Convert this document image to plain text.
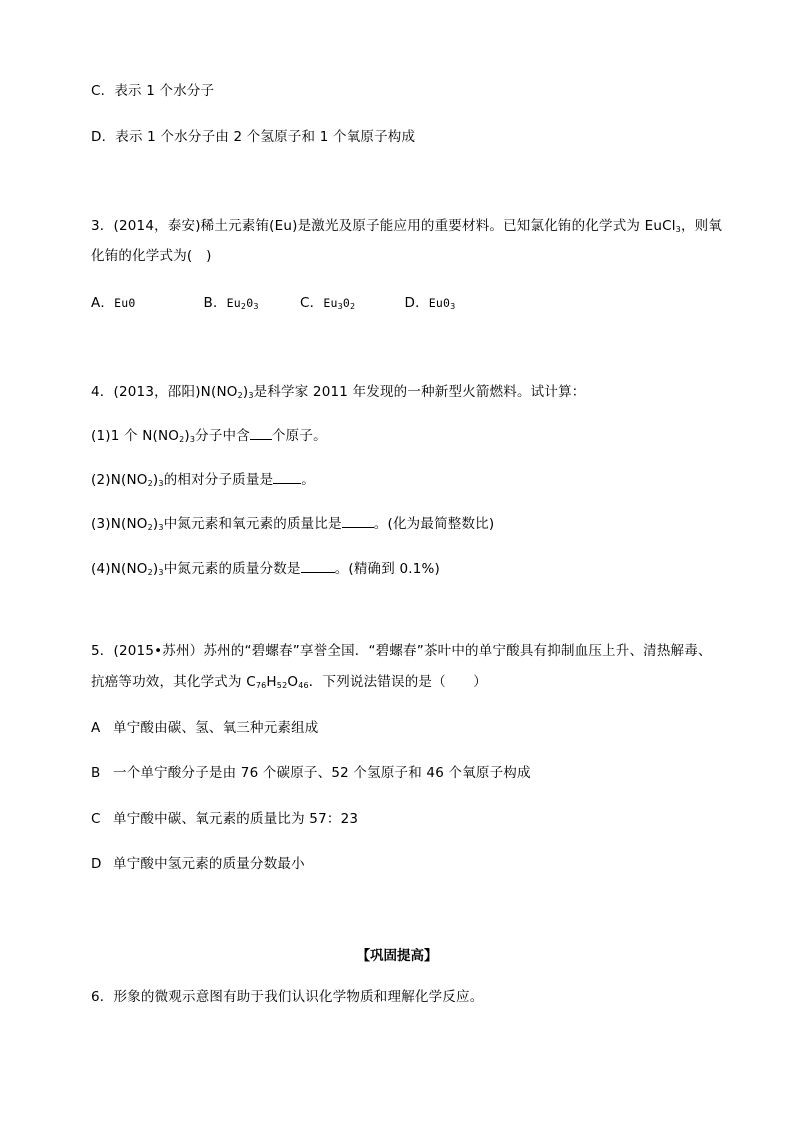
C．表示 1 个水分子
D．表示 1 个水分子由 2 个氢原子和 1 个氧原子构成
3．(2014，泰安)稀土元素铕(Eu)是激光及原子能应用的重要材料。已知氯化铕的化学式为 EuCl$_3$，则氧
化铕的化学式为(　)
A．Eu0	B．$Eu_20_3$	C．$Eu_30_2$	D．$Eu0_3$
4．(2013，邵阳)$N(NO_2)_3$是科学家 2011 年发现的一种新型火箭燃料。试计算：
(1)1 个 $N(NO_2)_3$分子中含 个原子。
$(2)N(NO_2)_3$的相对分子质量是 。
$(3)N(NO_2)_3$中氮元素和氧元素的质量比是 。(化为最简整数比)
$(4)N(NO_2)_3$中氮元素的质量分数是	。(精确到 0.1%)
5．(2015•苏州）苏州的“碧螺春”享誉全国．“碧螺春”茶叶中的单宁酸具有抑制血压上升、清热解毒、
抗癌等功效，其化学式为 $C_{76}H_{52}O_{46}$．下列说法错误的是（　　）
A 单宁酸由碳、氢、氧三种元素组成
B 一个单宁酸分子是由 76 个碳原子、52 个氢原子和 46 个氧原子构成
C 单宁酸中碳、氧元素的质量比为 57：23
D 单宁酸中氢元素的质量分数最小
【巩固提高】
6．形象的微观示意图有助于我们认识化学物质和理解化学反应。
